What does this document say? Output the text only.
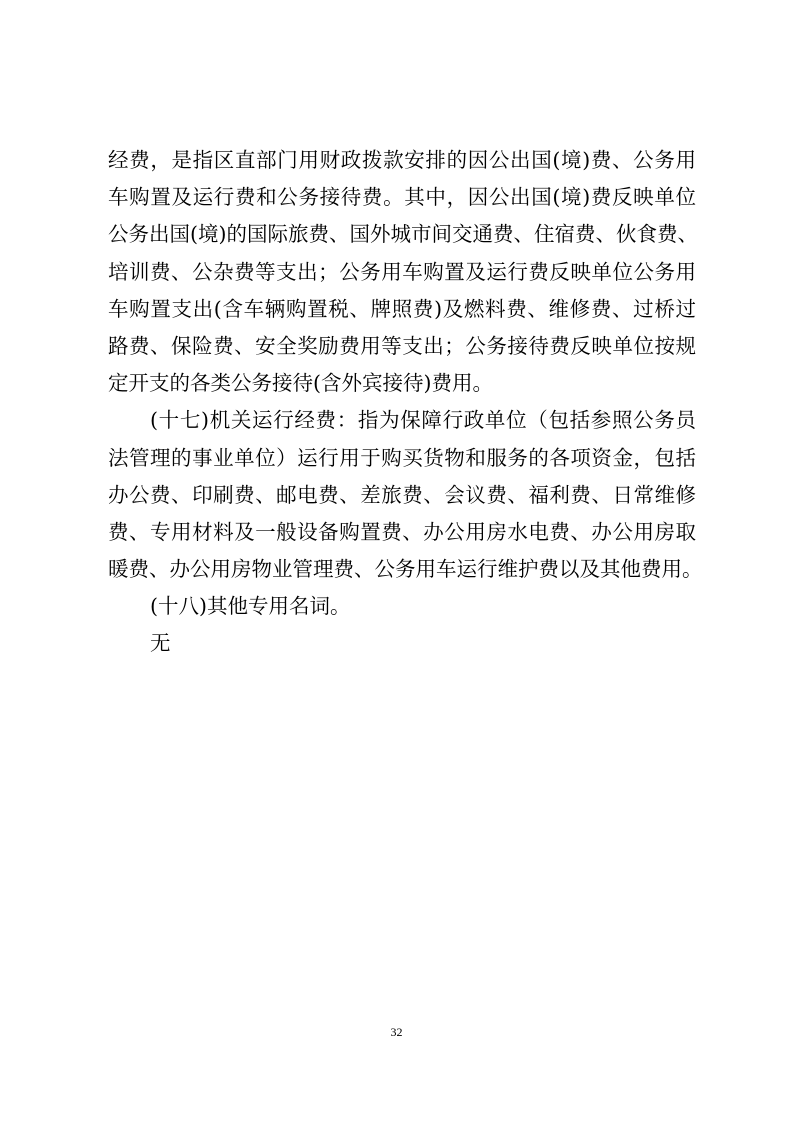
经费，是指区直部门用财政拨款安排的因公出国(境)费、公务用
车购置及运行费和公务接待费。其中，因公出国(境)费反映单位
公务出国(境)的国际旅费、国外城市间交通费、住宿费、伙食费、
培训费、公杂费等支出；公务用车购置及运行费反映单位公务用
车购置支出(含车辆购置税、牌照费)及燃料费、维修费、过桥过
路费、保险费、安全奖励费用等支出；公务接待费反映单位按规
定开支的各类公务接待(含外宾接待)费用。
(十七)机关运行经费：指为保障行政单位（包括参照公务员
法管理的事业单位）运行用于购买货物和服务的各项资金，包括
办公费、印刷费、邮电费、差旅费、会议费、福利费、日常维修
费、专用材料及一般设备购置费、办公用房水电费、办公用房取
暖费、办公用房物业管理费、公务用车运行维护费以及其他费用。
(十八)其他专用名词。
无
32
